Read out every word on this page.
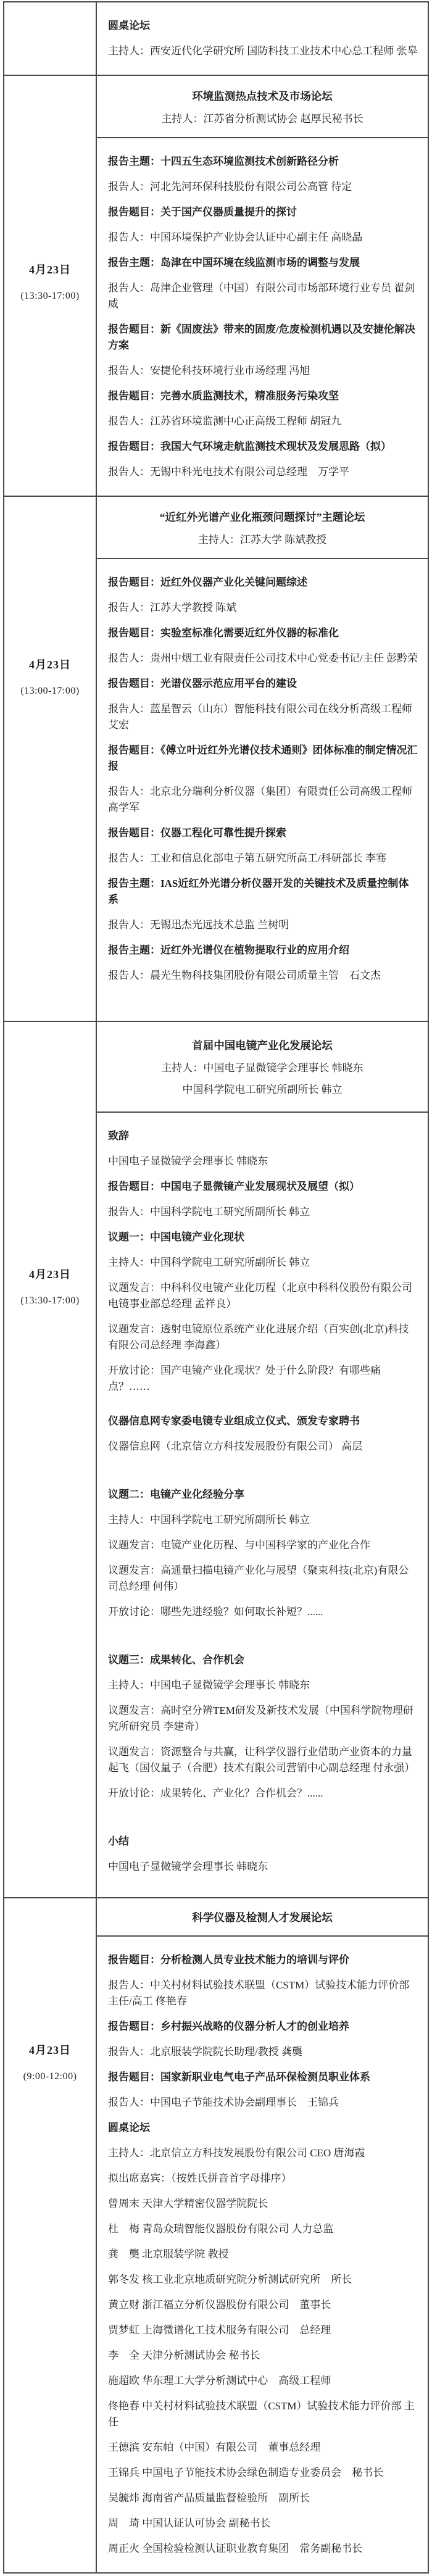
圆桌论坛

主持人：西安近代化学研究所 国防科技工业技术中心总工程师 张皋

4月23日

(13:30-17:00)

环境监测热点技术及市场论坛
主持人：江苏省分析测试协会 赵厚民秘书长

报告主题：十四五生态环境监测技术创新路径分析

报告人：河北先河环保科技股份有限公司公高管 待定

报告题目：关于国产仪器质量提升的探讨

报告人：中国环境保护产业协会认证中心副主任 高晓晶

报告主题：岛津在中国环境在线监测市场的调整与发展

报告人：岛津企业管理（中国）有限公司市场部环境行业专员 翟剑威

报告题目：新《固废法》带来的固废/危废检测机遇以及安捷伦解决方案

报告人：安捷伦科技环境行业市场经理 冯旭

报告题目：完善水质监测技术，精准服务污染攻坚

报告人：江苏省环境监测中心正高级工程师 胡冠九

报告题目：我国大气环境走航监测技术现状及发展思路（拟）

报告人：无锡中科光电技术有限公司总经理　万学平

4月23日

(13:00-17:00)

“近红外光谱产业化瓶颈问题探讨”主题论坛
主持人：江苏大学 陈斌教授

报告题目：近红外仪器产业化关键问题综述

报告人：江苏大学教授 陈斌

报告题目：实验室标准化需要近红外仪器的标准化

报告人：贵州中烟工业有限责任公司技术中心党委书记/主任 彭黔荣

报告题目：光谱仪器示范应用平台的建设

报告人：蓝星智云（山东）智能科技有限公司在线分析高级工程师 艾宏

报告题目：《傅立叶近红外光谱仪技术通则》团体标准的制定情况汇报

报告人：北京北分瑞利分析仪器（集团）有限责任公司高级工程师 高学军

报告题目：仪器工程化可靠性提升探索

报告人：工业和信息化部电子第五研究所高工/科研部长 李骞

报告主题：IAS近红外光谱分析仪器开发的关键技术及质量控制体系

报告人：无锡迅杰光远技术总监 兰树明

报告主题：近红外光谱仪在植物提取行业的应用介绍

报告人：晨光生物科技集团股份有限公司质量主管　石文杰

4月23日

(13:30-17:00)

首届中国电镜产业化发展论坛
主持人：中国电子显微镜学会理事长 韩晓东
中国科学院电工研究所副所长 韩立

致辞

中国电子显微镜学会理事长 韩晓东

报告题目：中国电子显微镜产业发展现状及展望（拟）

报告人：中国科学院电工研究所副所长 韩立

议题一：中国电镜产业化现状

主持人：中国科学院电工研究所副所长 韩立

议题发言：中科科仪电镜产业化历程（北京中科科仪股份有限公司电镜事业部总经理 孟祥良）

议题发言：透射电镜原位系统产业化进展介绍（百实创(北京)科技有限公司总经理 李海鑫）

开放讨论：国产电镜产业化现状？处于什么阶段？有哪些痛点？……

仪器信息网专家委电镜专业组成立仪式、颁发专家聘书

仪器信息网（北京信立方科技发展股份有限公司） 高层

议题二：电镜产业化经验分享

主持人：中国科学院电工研究所副所长 韩立

议题发言：电镜产业化历程、与中国科学家的产业化合作

议题发言：高通量扫描电镜产业化与展望（聚束科技(北京)有限公司总经理 何伟）

开放讨论：哪些先进经验？如何取长补短？......

议题三：成果转化、合作机会

主持人：中国电子显微镜学会理事长 韩晓东

议题发言：高时空分辨TEM研发及新技术发展（中国科学院物理研究所研究员 李建奇）

议题发言：资源整合与共赢，让科学仪器行业借助产业资本的力量起飞（国仪量子（合肥）技术有限公司营销中心副总经理 付永强）

开放讨论：成果转化、产业化？合作机会？......

小结

中国电子显微镜学会理事长 韩晓东

4月23日

(9:00-12:00)

科学仪器及检测人才发展论坛

报告题目：分析检测人员专业技术能力的培训与评价

报告人：中关村材料试验技术联盟（CSTM）试验技术能力评价部主任/高工 佟艳春

报告题目：乡村振兴战略的仪器分析人才的创业培养

报告人：北京服装学院院长助理/教授 龚龑

报告题目：国家新职业电气电子产品环保检测员职业体系

报告人：中国电子节能技术协会副理事长　王锦兵

圆桌论坛

主持人：北京信立方科技发展股份有限公司 CEO 唐海霞

拟出席嘉宾：（按姓氏拼音首字母排序）

曾周末 天津大学精密仪器学院院长

杜　梅 青岛众瑞智能仪器股份有限公司 人力总监

龚　龑 北京服装学院 教授

郭冬发 核工业北京地质研究院分析测试研究所　所长

黄立财 浙江福立分析仪器股份有限公司　董事长

贾梦虹 上海微谱化工技术服务有限公司　总经理

李　全 天津分析测试协会 秘书长

施超欧 华东理工大学分析测试中心　高级工程师

佟艳春 中关村材料试验技术联盟（CSTM）试验技术能力评价部 主任

王德滨 安东帕（中国）有限公司　董事总经理

王锦兵 中国电子节能技术协会绿色制造专业委员会　秘书长

吴毓炜 海南省产品质量监督检验所　副所长

周　琦 中国认证认可协会 副秘书长

周正火 全国检验检测认证职业教育集团　常务副秘书长
